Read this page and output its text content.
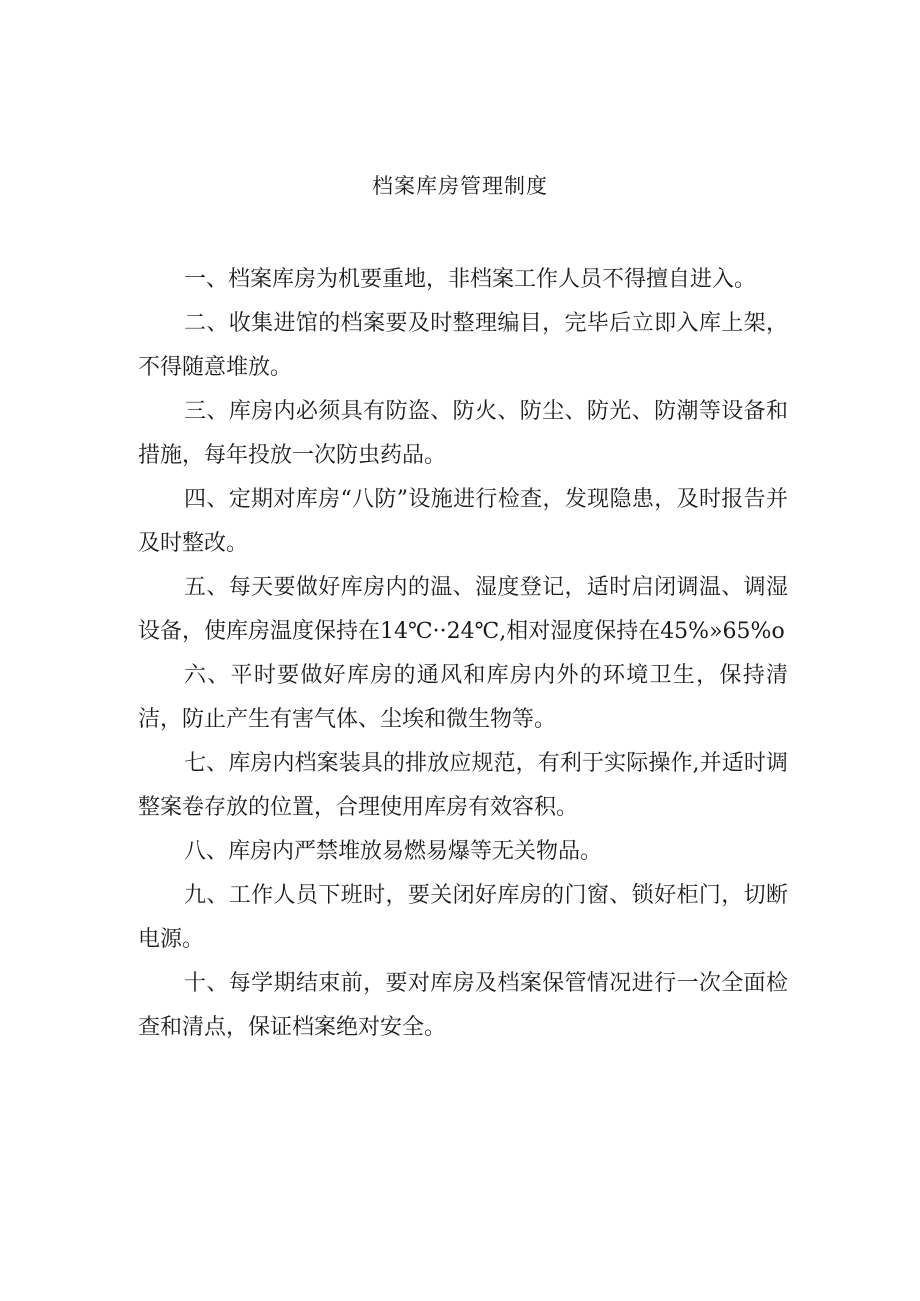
档案库房管理制度

一、档案库房为机要重地，非档案工作人员不得擅自进入。

二、收集进馆的档案要及时整理编目，完毕后立即入库上架，不得随意堆放。

三、库房内必须具有防盗、防火、防尘、防光、防潮等设备和措施，每年投放一次防虫药品。

四、定期对库房“八防”设施进行检查，发现隐患，及时报告并及时整改。

五、每天要做好库房内的温、湿度登记，适时启闭调温、调湿设备，使库房温度保持在14℃··24℃,相对湿度保持在45%»65%o

六、平时要做好库房的通风和库房内外的环境卫生，保持清洁，防止产生有害气体、尘埃和微生物等。

七、库房内档案装具的排放应规范，有利于实际操作,并适时调整案卷存放的位置，合理使用库房有效容积。

八、库房内严禁堆放易燃易爆等无关物品。

九、工作人员下班时，要关闭好库房的门窗、锁好柜门，切断电源。

十、每学期结束前，要对库房及档案保管情况进行一次全面检查和清点，保证档案绝对安全。
